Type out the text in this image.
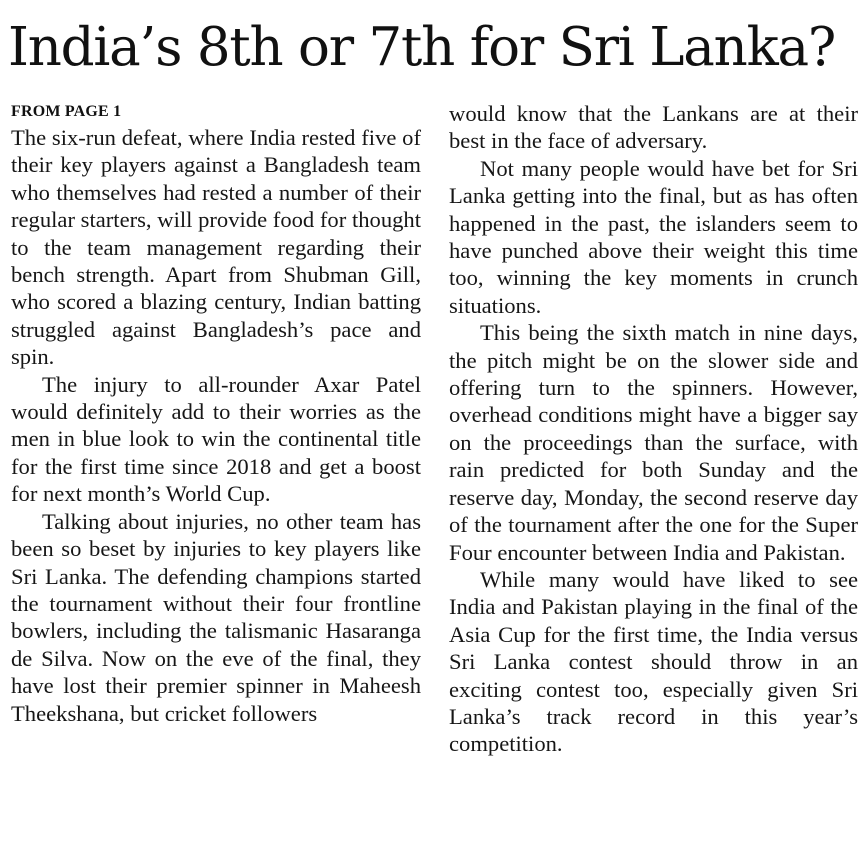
India’s 8th or 7th for Sri Lanka?
FROM PAGE 1

The six-run defeat, where India rested five of their key players against a Bangladesh team who themselves had rested a number of their regular starters, will provide food for thought to the team management regarding their bench strength. Apart from Shubman Gill, who scored a blazing century, Indian batting struggled against Bangladesh’s pace and spin.

The injury to all-rounder Axar Patel would definitely add to their worries as the men in blue look to win the continental title for the first time since 2018 and get a boost for next month’s World Cup.

Talking about injuries, no other team has been so beset by injuries to key players like Sri Lanka. The defending champions started the tournament without their four frontline bowlers, including the talismanic Hasaranga de Silva. Now on the eve of the final, they have lost their premier spinner in Maheesh Theekshana, but cricket followers

would know that the Lankans are at their best in the face of adversary.

Not many people would have bet for Sri Lanka getting into the final, but as has often happened in the past, the islanders seem to have punched above their weight this time too, winning the key moments in crunch situations.

This being the sixth match in nine days, the pitch might be on the slower side and offering turn to the spinners. However, overhead conditions might have a bigger say on the proceedings than the surface, with rain predicted for both Sunday and the reserve day, Monday, the second reserve day of the tournament after the one for the Super Four encounter between India and Pakistan.

While many would have liked to see India and Pakistan playing in the final of the Asia Cup for the first time, the India versus Sri Lanka contest should throw in an exciting contest too, especially given Sri Lanka’s track record in this year’s competition.
